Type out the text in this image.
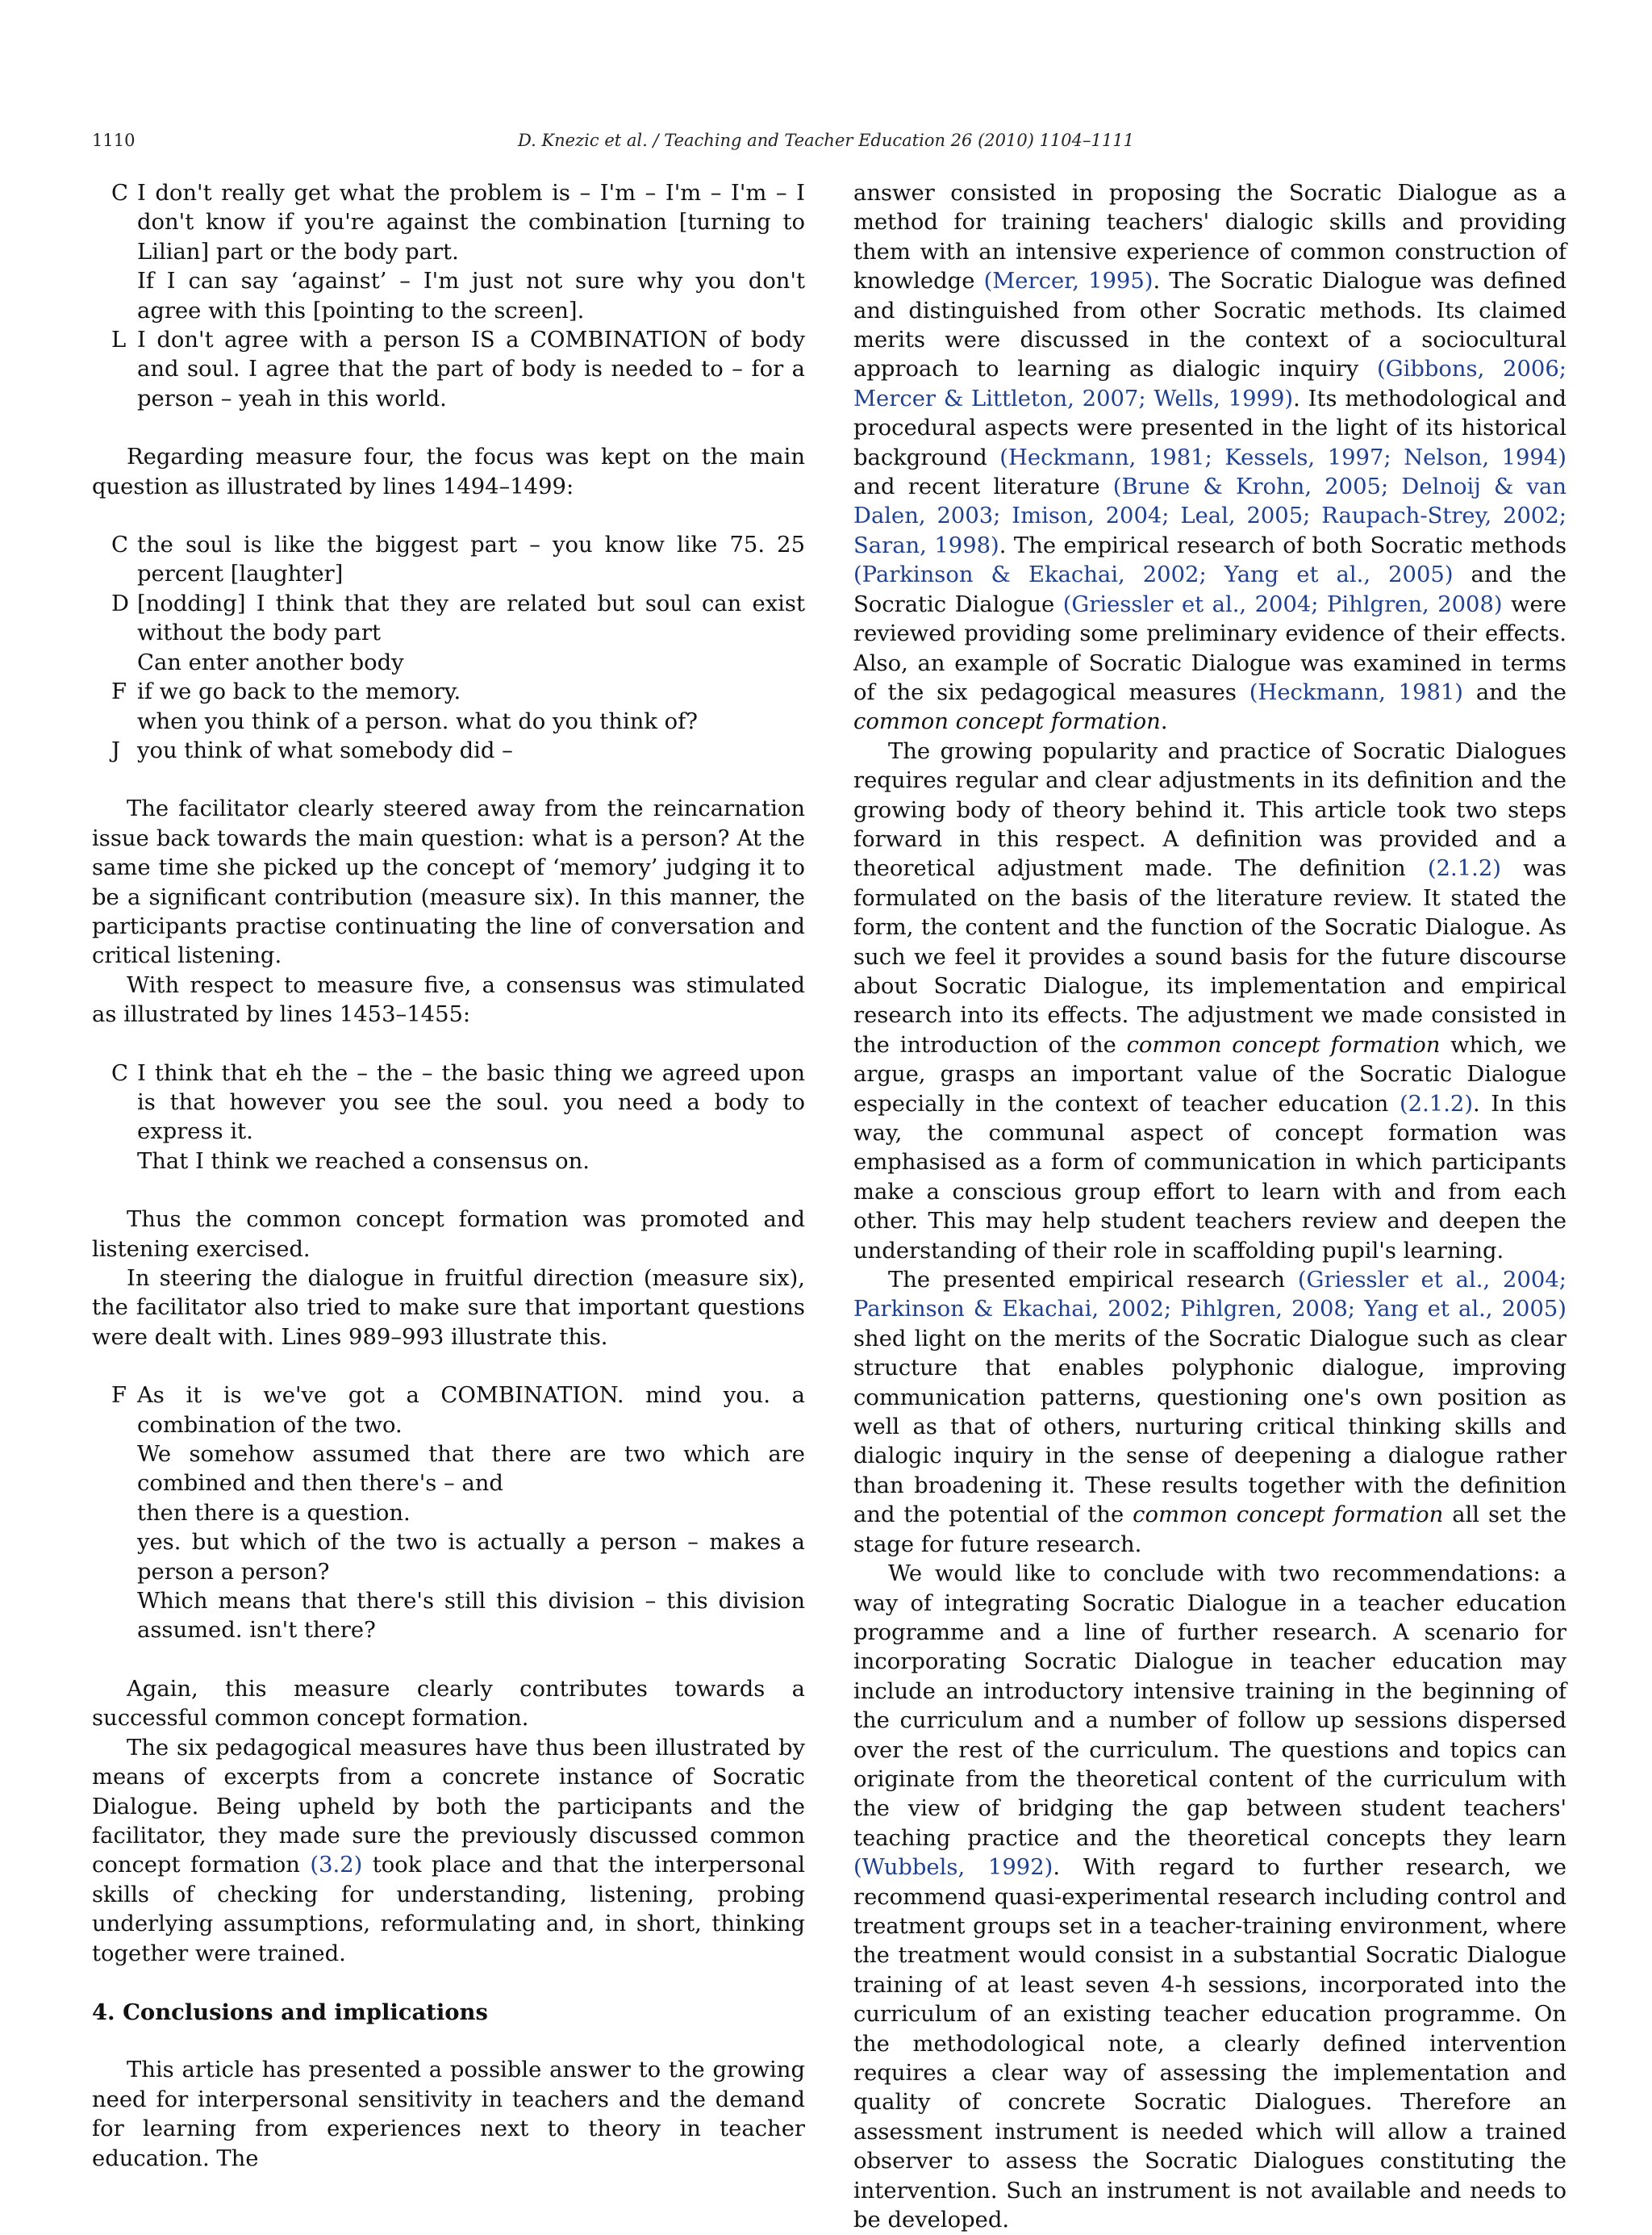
1110	D. Knezic et al. / Teaching and Teacher Education 26 (2010) 1104–1111
C I don't really get what the problem is – I'm – I'm – I'm – I don't know if you're against the combination [turning to Lilian] part or the body part.
If I can say ‘against’ – I'm just not sure why you don't agree with this [pointing to the screen].
L I don't agree with a person IS a COMBINATION of body and soul. I agree that the part of body is needed to – for a person – yeah in this world.

Regarding measure four, the focus was kept on the main question as illustrated by lines 1494–1499:

C the soul is like the biggest part – you know like 75. 25 percent [laughter]
D [nodding] I think that they are related but soul can exist without the body part
Can enter another body
F if we go back to the memory.
when you think of a person. what do you think of?
J you think of what somebody did –

The facilitator clearly steered away from the reincarnation issue back towards the main question: what is a person? At the same time she picked up the concept of ‘memory’ judging it to be a significant contribution (measure six). In this manner, the participants practise continuating the line of conversation and critical listening.

With respect to measure five, a consensus was stimulated as illustrated by lines 1453–1455:

C I think that eh the – the – the basic thing we agreed upon is that however you see the soul. you need a body to express it.
That I think we reached a consensus on.

Thus the common concept formation was promoted and listening exercised.

In steering the dialogue in fruitful direction (measure six), the facilitator also tried to make sure that important questions were dealt with. Lines 989–993 illustrate this.

F As it is we've got a COMBINATION. mind you. a combination of the two.
We somehow assumed that there are two which are combined and then there's – and
then there is a question.
yes. but which of the two is actually a person – makes a person a person?
Which means that there's still this division – this division assumed. isn't there?

Again, this measure clearly contributes towards a successful common concept formation.

The six pedagogical measures have thus been illustrated by means of excerpts from a concrete instance of Socratic Dialogue. Being upheld by both the participants and the facilitator, they made sure the previously discussed common concept formation (3.2) took place and that the interpersonal skills of checking for understanding, listening, probing underlying assumptions, reformulating and, in short, thinking together were trained.

4. Conclusions and implications

This article has presented a possible answer to the growing need for interpersonal sensitivity in teachers and the demand for learning from experiences next to theory in teacher education. The

answer consisted in proposing the Socratic Dialogue as a method for training teachers' dialogic skills and providing them with an intensive experience of common construction of knowledge (Mercer, 1995). The Socratic Dialogue was defined and distinguished from other Socratic methods. Its claimed merits were discussed in the context of a sociocultural approach to learning as dialogic inquiry (Gibbons, 2006; Mercer & Littleton, 2007; Wells, 1999). Its methodological and procedural aspects were presented in the light of its historical background (Heckmann, 1981; Kessels, 1997; Nelson, 1994) and recent literature (Brune & Krohn, 2005; Delnoij & van Dalen, 2003; Imison, 2004; Leal, 2005; Raupach-Strey, 2002; Saran, 1998). The empirical research of both Socratic methods (Parkinson & Ekachai, 2002; Yang et al., 2005) and the Socratic Dialogue (Griessler et al., 2004; Pihlgren, 2008) were reviewed providing some preliminary evidence of their effects. Also, an example of Socratic Dialogue was examined in terms of the six pedagogical measures (Heckmann, 1981) and the common concept formation.

The growing popularity and practice of Socratic Dialogues requires regular and clear adjustments in its definition and the growing body of theory behind it. This article took two steps forward in this respect. A definition was provided and a theoretical adjustment made. The definition (2.1.2) was formulated on the basis of the literature review. It stated the form, the content and the function of the Socratic Dialogue. As such we feel it provides a sound basis for the future discourse about Socratic Dialogue, its implementation and empirical research into its effects. The adjustment we made consisted in the introduction of the common concept formation which, we argue, grasps an important value of the Socratic Dialogue especially in the context of teacher education (2.1.2). In this way, the communal aspect of concept formation was emphasised as a form of communication in which participants make a conscious group effort to learn with and from each other. This may help student teachers review and deepen the understanding of their role in scaffolding pupil's learning.

The presented empirical research (Griessler et al., 2004; Parkinson & Ekachai, 2002; Pihlgren, 2008; Yang et al., 2005) shed light on the merits of the Socratic Dialogue such as clear structure that enables polyphonic dialogue, improving communication patterns, questioning one's own position as well as that of others, nurturing critical thinking skills and dialogic inquiry in the sense of deepening a dialogue rather than broadening it. These results together with the definition and the potential of the common concept formation all set the stage for future research.

We would like to conclude with two recommendations: a way of integrating Socratic Dialogue in a teacher education programme and a line of further research. A scenario for incorporating Socratic Dialogue in teacher education may include an introductory intensive training in the beginning of the curriculum and a number of follow up sessions dispersed over the rest of the curriculum. The questions and topics can originate from the theoretical content of the curriculum with the view of bridging the gap between student teachers' teaching practice and the theoretical concepts they learn (Wubbels, 1992). With regard to further research, we recommend quasi-experimental research including control and treatment groups set in a teacher-training environment, where the treatment would consist in a substantial Socratic Dialogue training of at least seven 4-h sessions, incorporated into the curriculum of an existing teacher education programme. On the methodological note, a clearly defined intervention requires a clear way of assessing the implementation and quality of concrete Socratic Dialogues. Therefore an assessment instrument is needed which will allow a trained observer to assess the Socratic Dialogues constituting the intervention. Such an instrument is not available and needs to be developed.
